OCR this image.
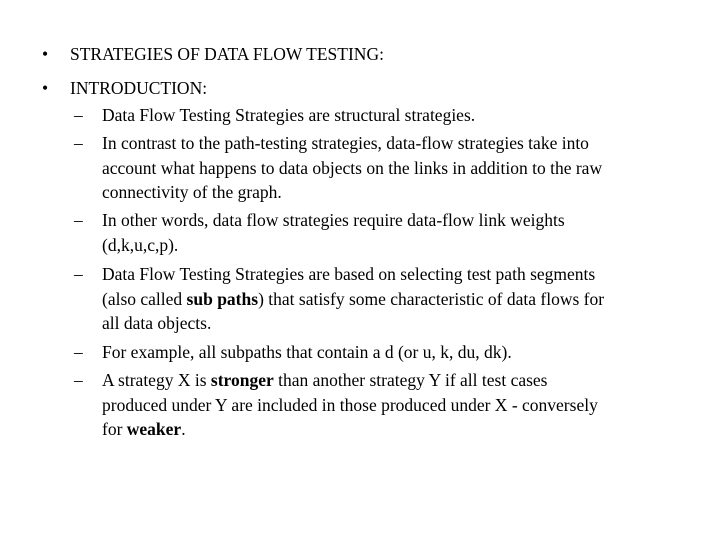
• STRATEGIES OF DATA FLOW TESTING:
• INTRODUCTION:
– Data Flow Testing Strategies are structural strategies.
– In contrast to the path-testing strategies, data-flow strategies take into
account what happens to data objects on the links in addition to the raw
connectivity of the graph.
– In other words, data flow strategies require data-flow link weights
(d,k,u,c,p).
– Data Flow Testing Strategies are based on selecting test path segments
(also called sub paths) that satisfy some characteristic of data flows for
all data objects.
– For example, all subpaths that contain a d (or u, k, du, dk).
– A strategy X is stronger than another strategy Y if all test cases
produced under Y are included in those produced under X - conversely
for weaker.
